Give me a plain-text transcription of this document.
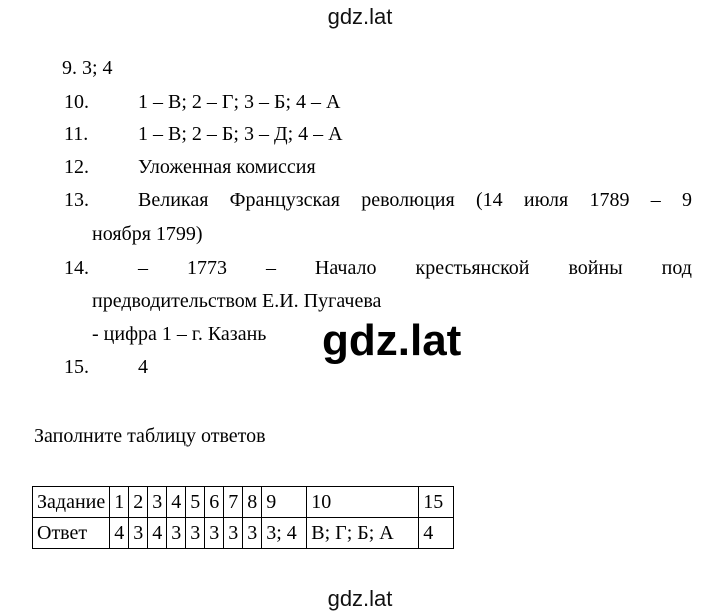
gdz.lat
gdz.lat
gdz.lat
9. 3; 4
10. 1 – В; 2 – Г; 3 – Б; 4 – А
11. 1 – В; 2 – Б; 3 – Д; 4 – А
12. Уложенная комиссия
13. Великая Французская революция (14 июля 1789 – 9
ноября 1799)
14. – 1773 – Начало крестьянской войны под
предводительством Е.И. Пугачева
- цифра 1 – г. Казань
15. 4
Заполните таблицу ответов
Задание	1	2	3	4	5	6	7	8	9	10	15
Ответ	4	3	4	3	3	3	3	3	3; 4	В; Г; Б; А	4
